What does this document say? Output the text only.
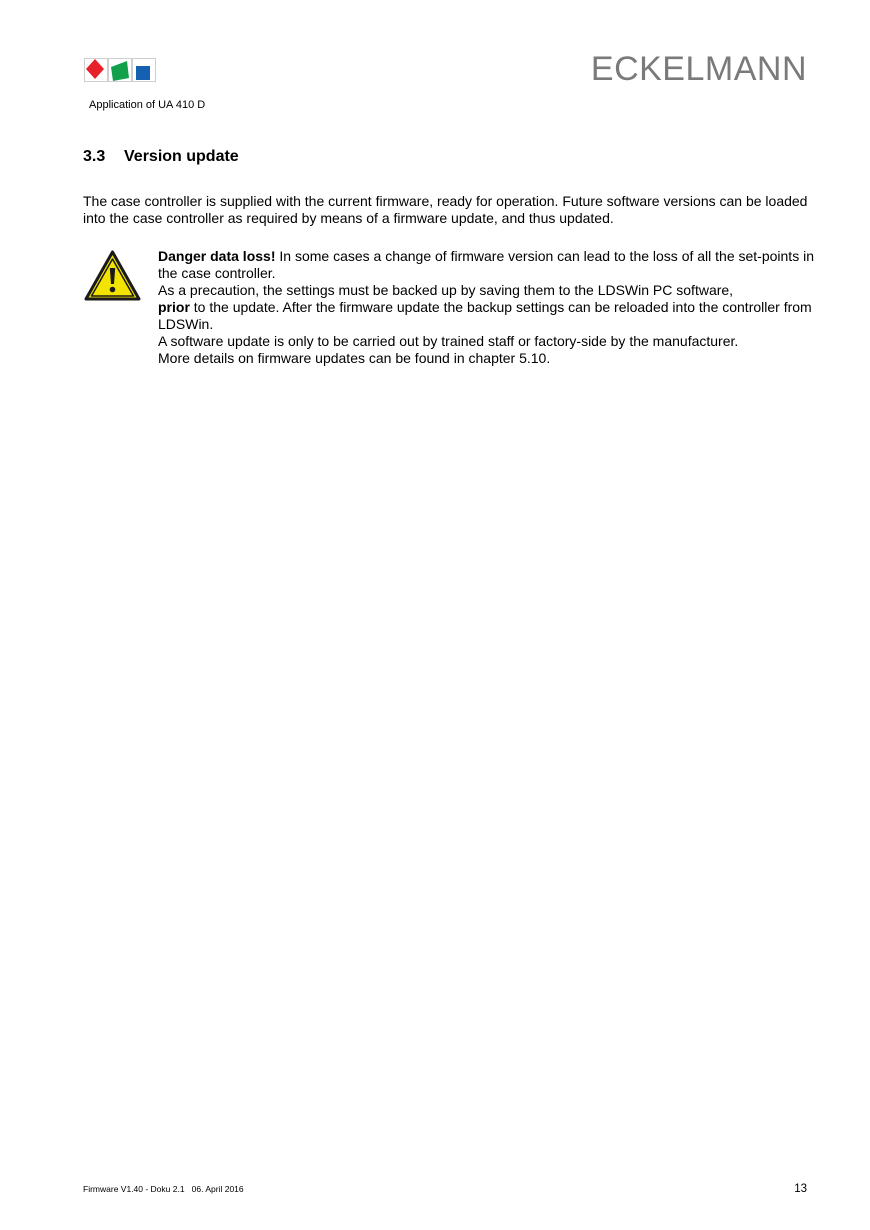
ECKELMANN
Application of UA 410 D
3.3 Version update
The case controller is supplied with the current firmware, ready for operation. Future software versions can be loaded into the case controller as required by means of a firmware update, and thus updated.
Danger data loss! In some cases a change of firmware version can lead to the loss of all the set-points in the case controller.
As a precaution, the settings must be backed up by saving them to the LDSWin PC software,
prior to the update. After the firmware update the backup settings can be reloaded into the controller from LDSWin.
A software update is only to be carried out by trained staff or factory-side by the manufacturer.
More details on firmware updates can be found in chapter 5.10.
Firmware V1.40 - Doku 2.1   06. April 2016	13
